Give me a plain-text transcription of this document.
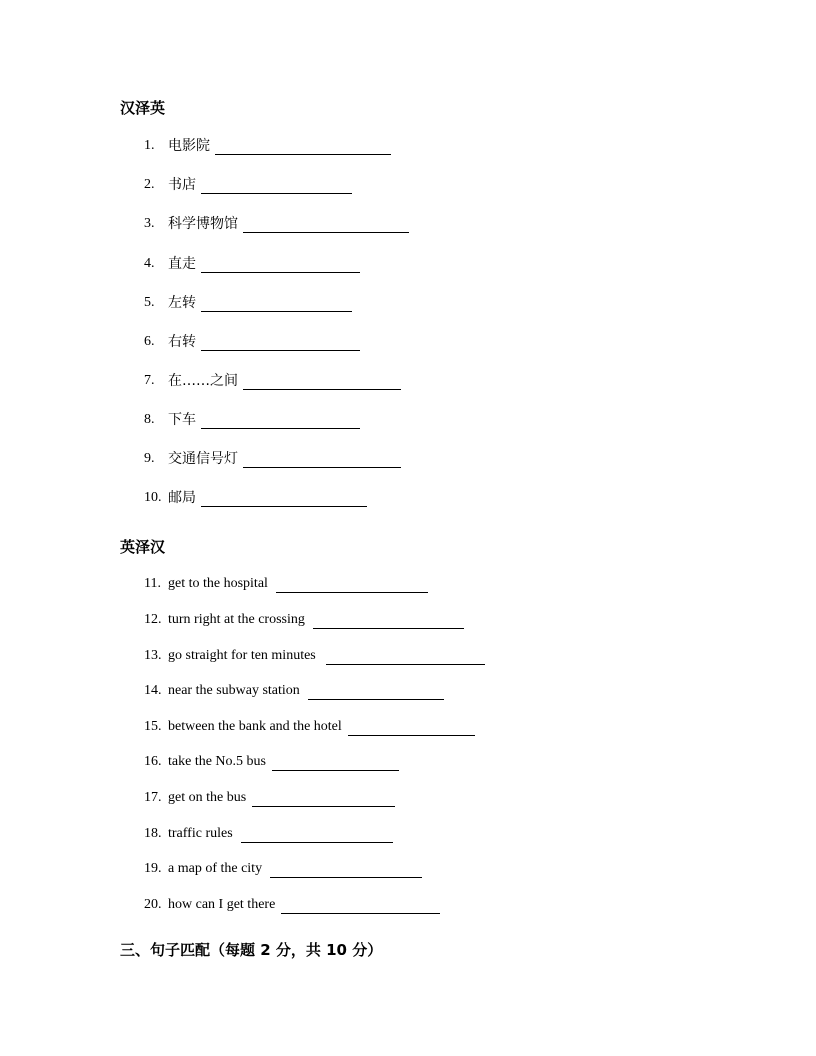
汉泽英
1. 电影院
2. 书店
3. 科学博物馆
4. 直走
5. 左转
6. 右转
7. 在……之间
8. 下车
9. 交通信号灯
10. 邮局
英泽汉
11. get to the hospital
12. turn right at the crossing
13. go straight for ten minutes
14. near the subway station
15. between the bank and the hotel
16. take the No.5 bus
17. get on the bus
18. traffic rules
19. a map of the city
20. how can I get there
三、句子匹配（每题 2 分，共 10 分）
